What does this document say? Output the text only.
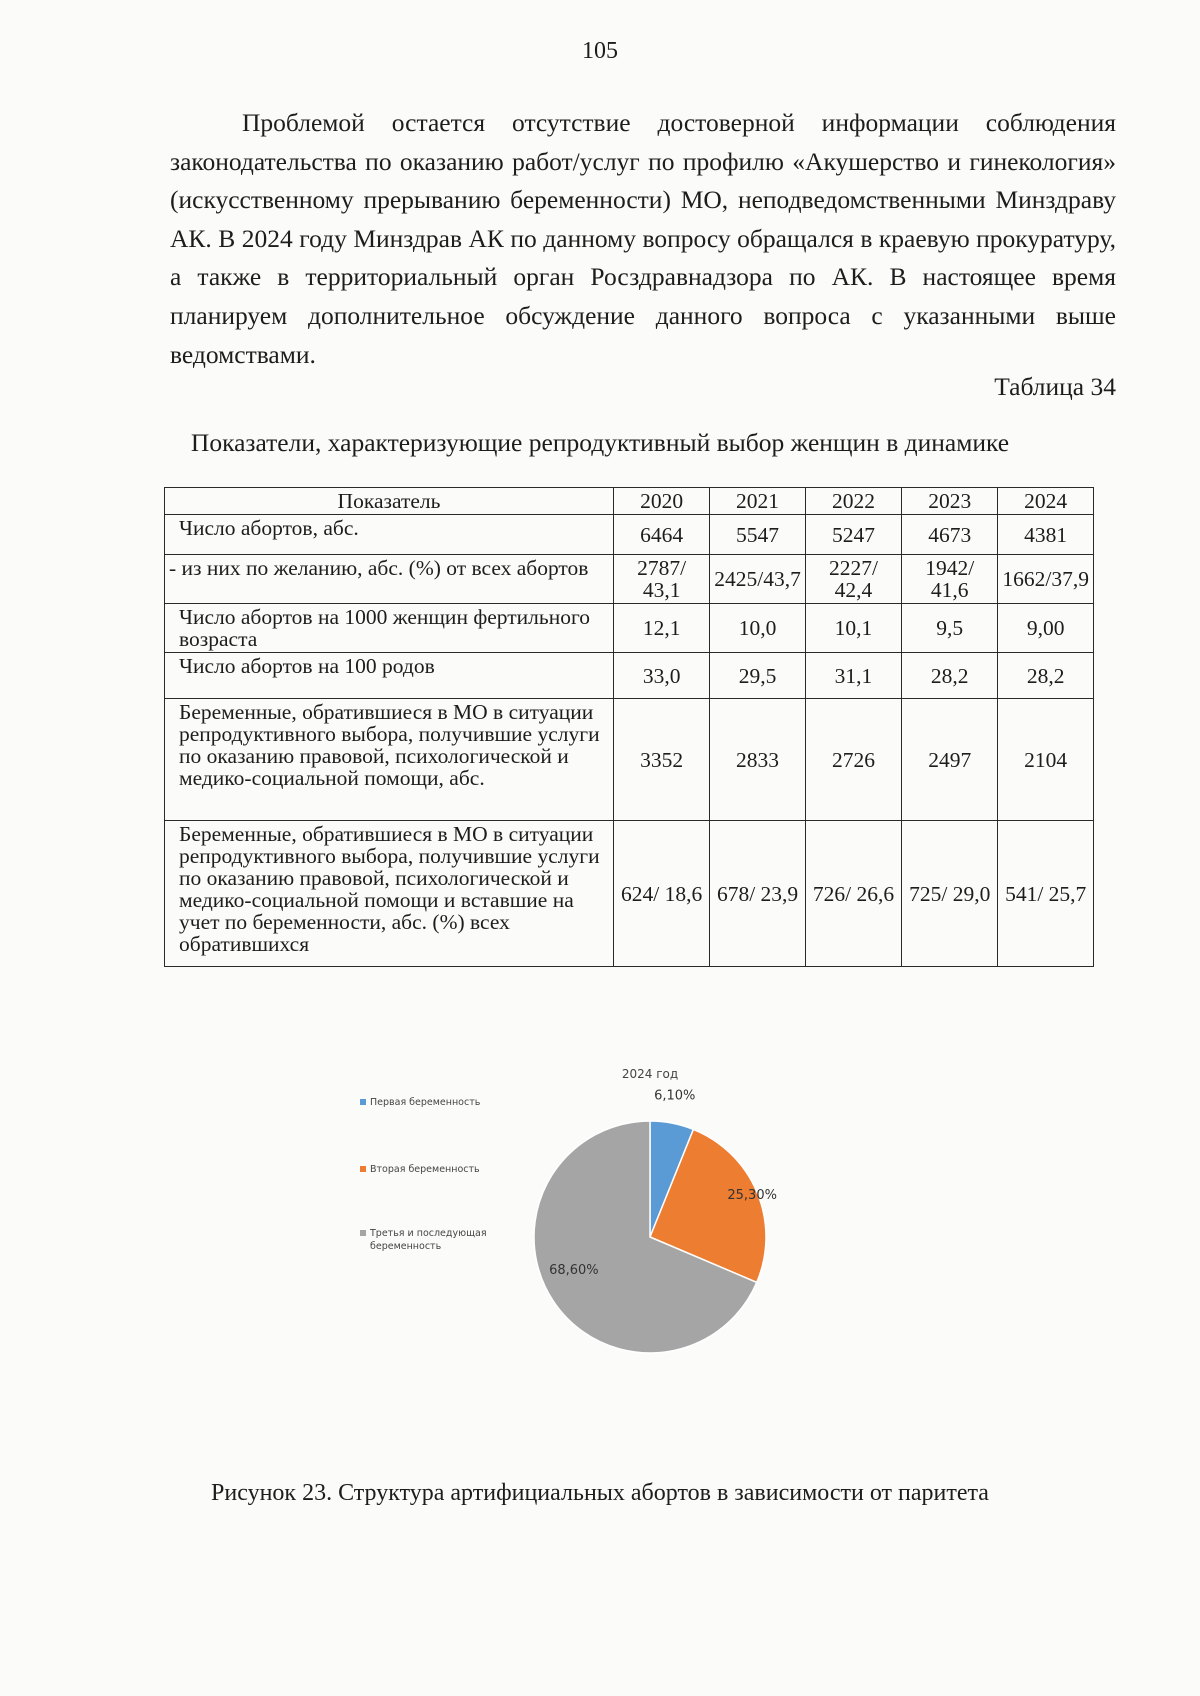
105

Проблемой остается отсутствие достоверной информации соблюдения законодательства по оказанию работ/услуг по профилю «Акушерство и гинекология» (искусственному прерыванию беременности) МО, неподведомственными Минздраву АК. В 2024 году Минздрав АК по данному вопросу обращался в краевую прокуратуру, а также в территориальный орган Росздравнадзора по АК. В настоящее время планируем дополнительное обсуждение данного вопроса с указанными выше ведомствами.

Таблица 34
Показатели, характеризующие репродуктивный выбор женщин в динамике
Показатель	2020	2021	2022	2023	2024
Число абортов, абс.	6464	5547	5247	4673	4381
- из них по желанию, абс. (%) от всех абортов	2787/ 43,1	2425/43,7	2227/ 42,4	1942/ 41,6	1662/37,9
Число абортов на 1000 женщин фертильного возраста	12,1	10,0	10,1	9,5	9,00
Число абортов на 100 родов	33,0	29,5	31,1	28,2	28,2
Беременные, обратившиеся в МО в ситуации репродуктивного выбора, получившие услуги по оказанию правовой, психологической и медико-социальной помощи, абс.	3352	2833	2726	2497	2104
Беременные, обратившиеся в МО в ситуации репродуктивного выбора, получившие услуги по оказанию правовой, психологической и медико-социальной помощи и вставшие на учет по беременности, абс. (%) всех обратившихся	624/ 18,6	678/ 23,9	726/ 26,6	725/ 29,0	541/ 25,7
2024 год
6,10%
25,30%
68,60%
Первая беременность
Вторая беременность
Третья и последующая
беременность
Рисунок 23. Структура артифициальных абортов в зависимости от паритета
